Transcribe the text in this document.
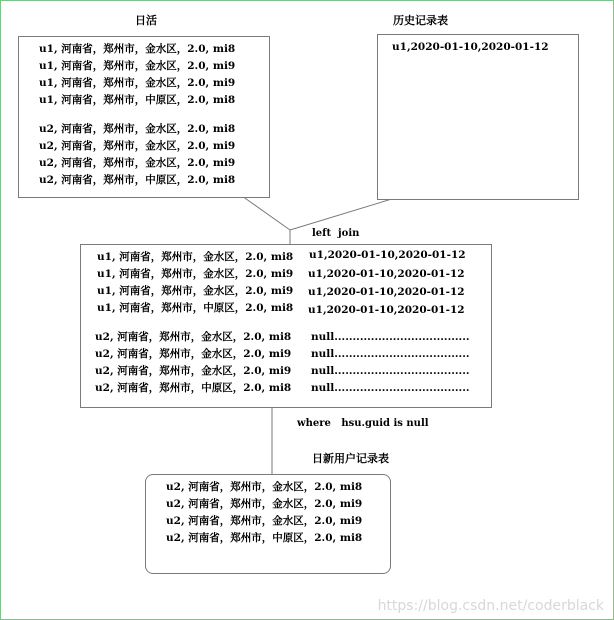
日活
u1, 河南省，郑州市，金水区，2.0, mi8
u1, 河南省，郑州市，金水区，2.0, mi9
u1, 河南省，郑州市，金水区，2.0, mi9
u1, 河南省，郑州市，中原区，2.0, mi8
u2, 河南省，郑州市，金水区，2.0, mi8
u2, 河南省，郑州市，金水区，2.0, mi9
u2, 河南省，郑州市，金水区，2.0, mi9
u2, 河南省，郑州市，中原区，2.0, mi8
历史记录表
u1,2020-01-10,2020-01-12
left  join
u1, 河南省，郑州市，金水区，2.0, mi8
u1, 河南省，郑州市，金水区，2.0, mi9
u1, 河南省，郑州市，金水区，2.0, mi9
u1, 河南省，郑州市，中原区，2.0, mi8
u2, 河南省，郑州市，金水区，2.0, mi8
u2, 河南省，郑州市，金水区，2.0, mi9
u2, 河南省，郑州市，金水区，2.0, mi9
u2, 河南省，郑州市，中原区，2.0, mi8
u1,2020-01-10,2020-01-12
u1,2020-01-10,2020-01-12
u1,2020-01-10,2020-01-12
u1,2020-01-10,2020-01-12
null.....................................
null.....................................
null.....................................
null.....................................
where   hsu.guid is null
日新用户记录表
u2, 河南省，郑州市，金水区，2.0, mi8
u2, 河南省，郑州市，金水区，2.0, mi9
u2, 河南省，郑州市，金水区，2.0, mi9
u2, 河南省，郑州市，中原区，2.0, mi8
https://blog.csdn.net/coderblack
